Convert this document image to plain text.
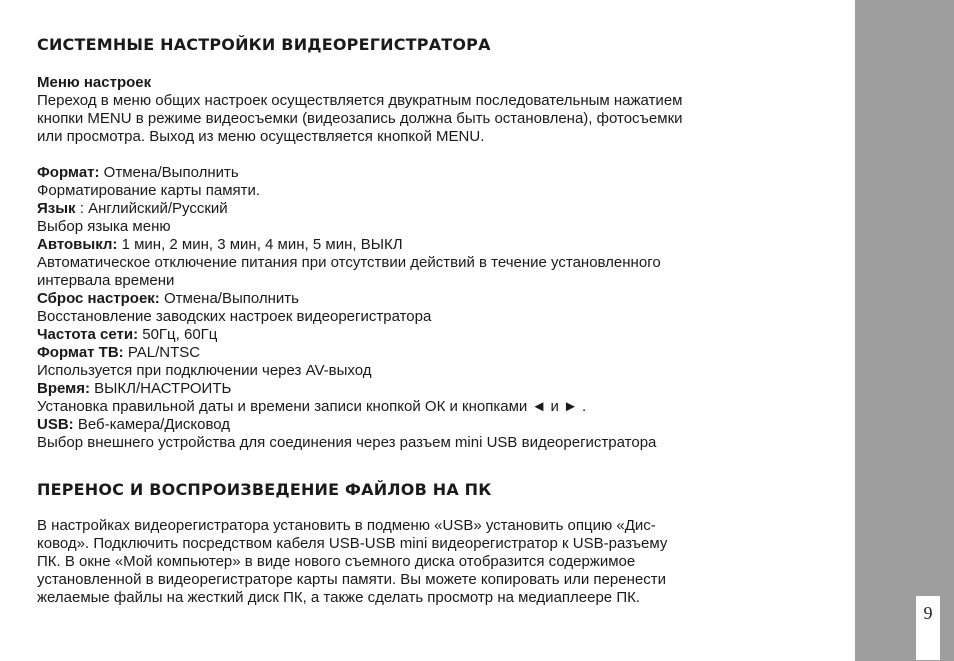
СИСТЕМНЫЕ НАСТРОЙКИ ВИДЕОРЕГИСТРАТОРА
Меню настроек
Переход в меню общих настроек осуществляется двукратным последовательным нажатием
кнопки MENU в режиме видеосъемки (видеозапись должна быть остановлена), фотосъемки
или просмотра. Выход из меню осуществляется кнопкой MENU.
Формат: Отмена/Выполнить
Форматирование карты памяти.
Язык : Английский/Русский
Выбор языка меню
Автовыкл: 1 мин, 2 мин, 3 мин, 4 мин, 5 мин, ВЫКЛ
Автоматическое отключение питания при отсутствии действий в течение установленного
интервала времени
Сброс настроек: Отмена/Выполнить
Восстановление заводских настроек видеорегистратора
Частота сети: 50Гц, 60Гц
Формат ТВ: PAL/NTSC
Используется при подключении через AV-выход
Время: ВЫКЛ/НАСТРОИТЬ
Установка правильной даты и времени записи кнопкой ОК и кнопками ◄ и ► .
USB: Веб-камера/Дисковод
Выбор внешнего устройства для соединения через разъем mini USB видеорегистратора
ПЕРЕНОС И ВОСПРОИЗВЕДЕНИЕ ФАЙЛОВ НА ПК
В настройках видеорегистратора установить в подменю «USB» установить опцию «Дис-
ковод». Подключить посредством кабеля USB-USB mini видеорегистратор к USB-разъему
ПК. В окне «Мой компьютер» в виде нового съемного диска отобразится содержимое
установленной в видеорегистраторе карты памяти. Вы можете копировать или перенести
желаемые файлы на жесткий диск ПК, а также сделать просмотр на медиаплеере ПК.
9
